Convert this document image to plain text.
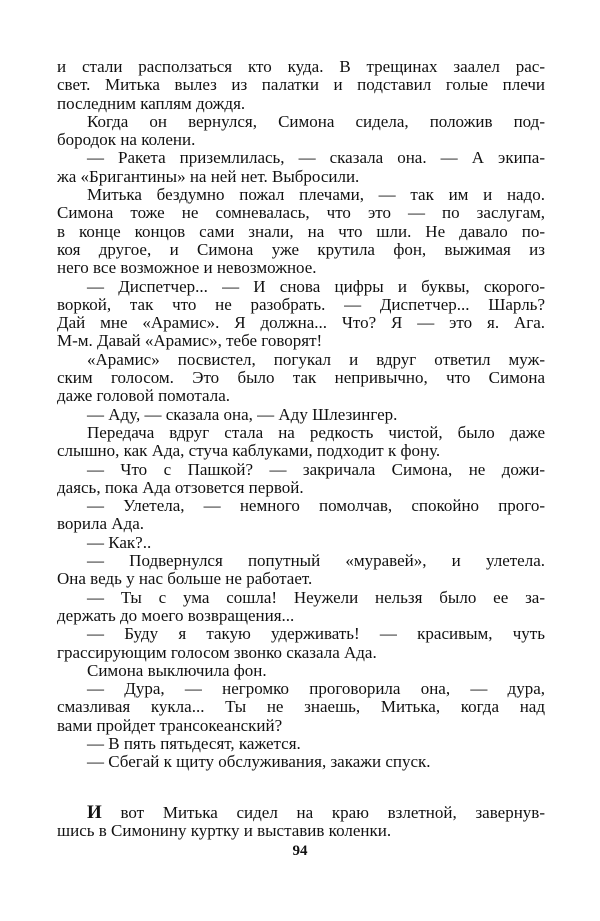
и стали расползаться кто куда. В трещинах заалел рас-
свет. Митька вылез из палатки и подставил голые плечи
последним каплям дождя.
Когда он вернулся, Симона сидела, положив под-
бородок на колени.
— Ракета приземлилась, — сказала она. — А экипа-
жа «Бригантины» на ней нет. Выбросили.
Митька бездумно пожал плечами, — так им и надо.
Симона тоже не сомневалась, что это — по заслугам,
в конце концов сами знали, на что шли. Не давало по-
коя другое, и Симона уже крутила фон, выжимая из
него все возможное и невозможное.
— Диспетчер... — И снова цифры и буквы, скорого-
воркой, так что не разобрать. — Диспетчер... Шарль?
Дай мне «Арамис». Я должна... Что? Я — это я. Ага.
М-м. Давай «Арамис», тебе говорят!
«Арамис» посвистел, погукал и вдруг ответил муж-
ским голосом. Это было так непривычно, что Симона
даже головой помотала.
— Аду, — сказала она, — Аду Шлезингер.
Передача вдруг стала на редкость чистой, было даже
слышно, как Ада, стуча каблуками, подходит к фону.
— Что с Пашкой? — закричала Симона, не дожи-
даясь, пока Ада отзовется первой.
— Улетела, — немного помолчав, спокойно прого-
ворила Ада.
— Как?..
— Подвернулся попутный «муравей», и улетела.
Она ведь у нас больше не работает.
— Ты с ума сошла! Неужели нельзя было ее за-
держать до моего возвращения...
— Буду я такую удерживать! — красивым, чуть
грассирующим голосом звонко сказала Ада.
Симона выключила фон.
— Дура, — негромко проговорила она, — дура,
смазливая кукла... Ты не знаешь, Митька, когда над
вами пройдет трансокеанский?
— В пять пятьдесят, кажется.
— Сбегай к щиту обслуживания, закажи спуск.
И вот Митька сидел на краю взлетной, завернув-
шись в Симонину куртку и выставив коленки.
94
